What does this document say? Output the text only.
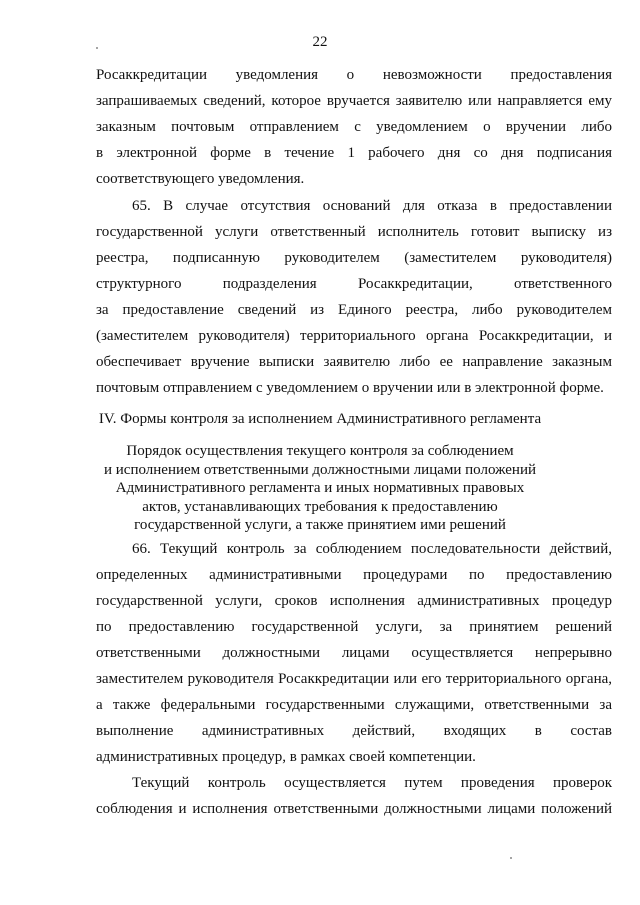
22
Росаккредитации уведомления о невозможности предоставления
запрашиваемых сведений, которое вручается заявителю или направляется ему
заказным почтовым отправлением с уведомлением о вручении либо
в электронной форме в течение 1 рабочего дня со дня подписания
соответствующего уведомления.
65. В случае отсутствия оснований для отказа в предоставлении
государственной услуги ответственный исполнитель готовит выписку из
реестра, подписанную руководителем (заместителем руководителя)
структурного подразделения Росаккредитации, ответственного
за предоставление сведений из Единого реестра, либо руководителем
(заместителем руководителя) территориального органа Росаккредитации, и
обеспечивает вручение выписки заявителю либо ее направление заказным
почтовым отправлением с уведомлением о вручении или в электронной форме.
IV. Формы контроля за исполнением Административного регламента
Порядок осуществления текущего контроля за соблюдением
и исполнением ответственными должностными лицами положений
Административного регламента и иных нормативных правовых
актов, устанавливающих требования к предоставлению
государственной услуги, а также принятием ими решений
66. Текущий контроль за соблюдением последовательности действий,
определенных административными процедурами по предоставлению
государственной услуги, сроков исполнения административных процедур
по предоставлению государственной услуги, за принятием решений
ответственными должностными лицами осуществляется непрерывно
заместителем руководителя Росаккредитации или его территориального органа,
а также федеральными государственными служащими, ответственными за
выполнение административных действий, входящих в состав
административных процедур, в рамках своей компетенции.
Текущий контроль осуществляется путем проведения проверок
соблюдения и исполнения ответственными должностными лицами положений
